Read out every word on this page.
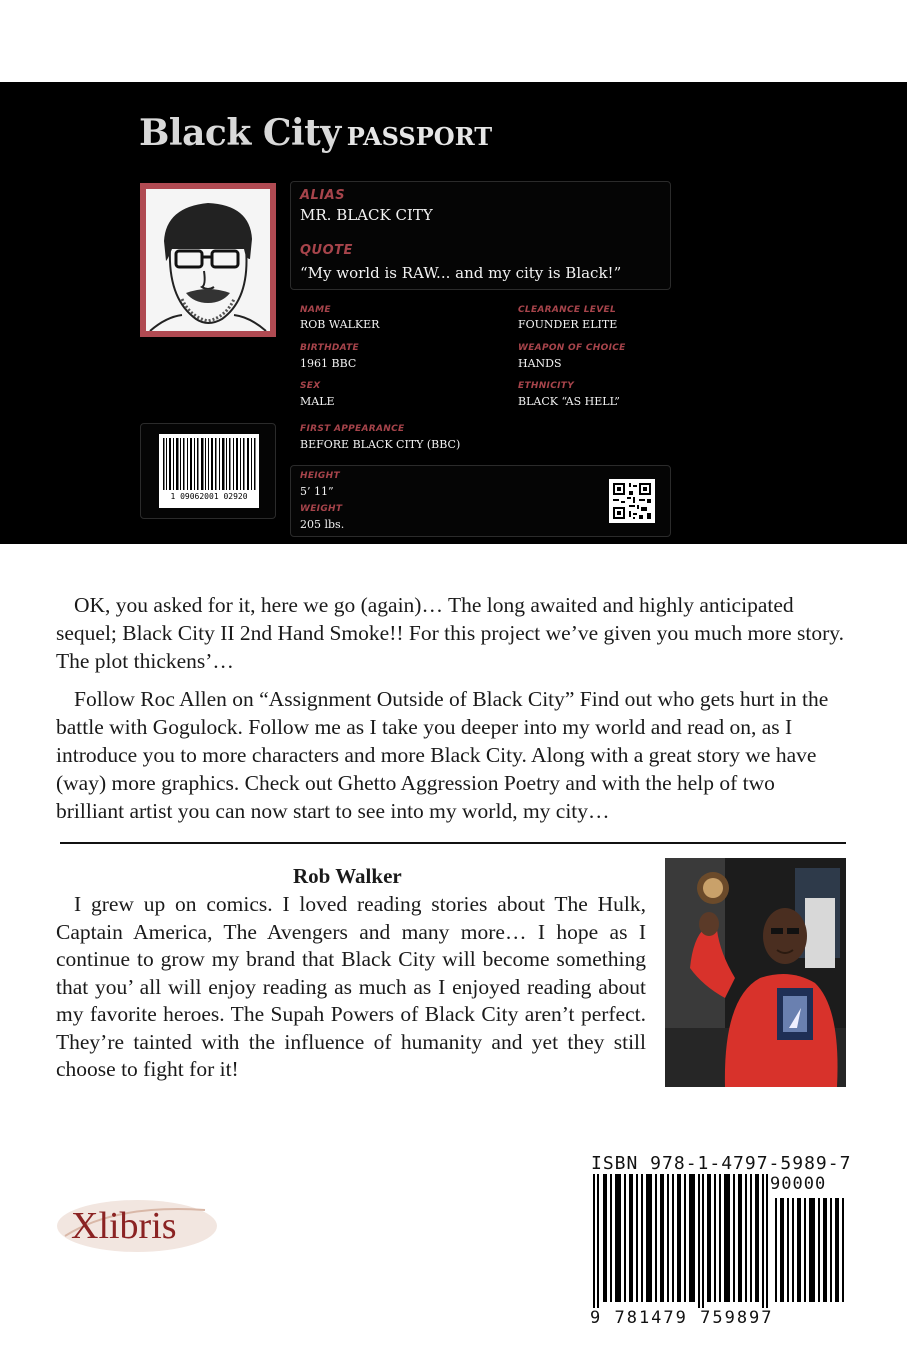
Black City PASSPORT
ALIAS
MR. BLACK CITY
QUOTE
“My world is RAW... and my city is Black!”
NAME
ROB WALKER
CLEARANCE LEVEL
FOUNDER ELITE
BIRTHDATE
1961 BBC
WEAPON OF CHOICE
HANDS
SEX
MALE
ETHNICITY
BLACK “AS HELL”
FIRST APPEARANCE
BEFORE BLACK CITY (BBC)
1 09062001 02920
HEIGHT
5’ 11”
WEIGHT
205 lbs.

OK, you asked for it, here we go (again)… The long awaited and highly anticipated sequel; Black City II 2nd Hand Smoke!! For this project we’ve given you much more story. The plot thickens’…

Follow Roc Allen on “Assignment Outside of Black City” Find out who gets hurt in the battle with Gogulock. Follow me as I take you deeper into my world and read on, as I introduce you to more characters and more Black City. Along with a great story we have (way) more graphics. Check out Ghetto Aggression Poetry and with the help of two brilliant artist you can now start to see into my world, my city…

Rob Walker

I grew up on comics. I loved reading stories about The Hulk, Captain America, The Avengers and many more… I hope as I continue to grow my brand that Black City will become something that you’ all will enjoy reading as much as I enjoyed reading about my favorite heroes. The Supah Powers of Black City aren’t perfect. They’re tainted with the influence of humanity and yet they still choose to fight for it!

ISBN 978-1-4797-5989-7
90000
9 781479 759897
Xlibris
